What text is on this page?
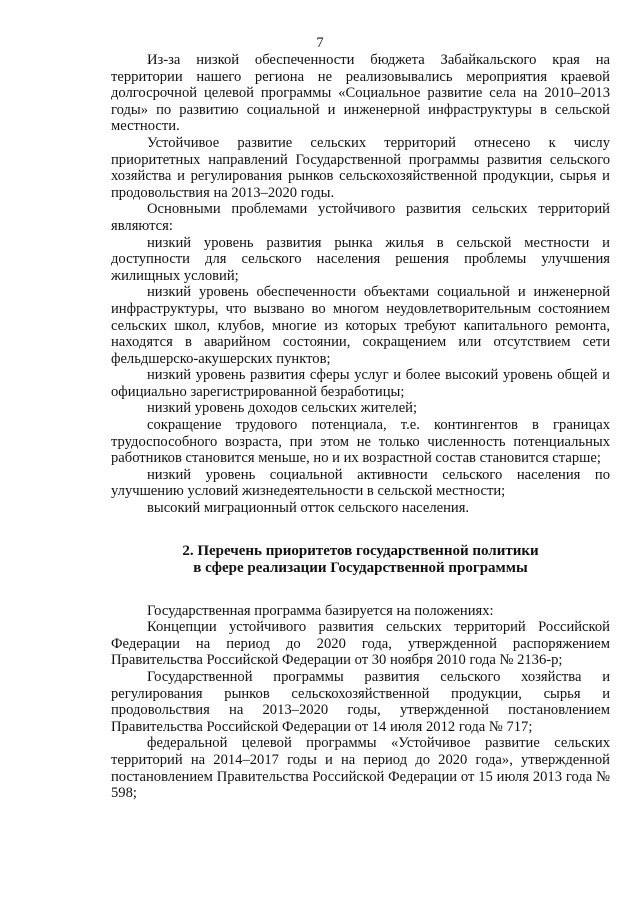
7

Из-за низкой обеспеченности бюджета Забайкальского края на территории нашего региона не реализовывались мероприятия краевой долгосрочной целевой программы «Социальное развитие села на 2010–2013 годы» по развитию социальной и инженерной инфраструктуры в сельской местности.

Устойчивое развитие сельских территорий отнесено к числу приоритетных направлений Государственной программы развития сельского хозяйства и регулирования рынков сельскохозяйственной продукции, сырья и продовольствия на 2013–2020 годы.

Основными проблемами устойчивого развития сельских территорий являются:

низкий уровень развития рынка жилья в сельской местности и доступности для сельского населения решения проблемы улучшения жилищных условий;

низкий уровень обеспеченности объектами социальной и инженерной инфраструктуры, что вызвано во многом неудовлетворительным состоянием сельских школ, клубов, многие из которых требуют капитального ремонта, находятся в аварийном состоянии, сокращением или отсутствием сети фельдшерско-акушерских пунктов;

низкий уровень развития сферы услуг и более высокий уровень общей и официально зарегистрированной безработицы;

низкий уровень доходов сельских жителей;

сокращение трудового потенциала, т.е. контингентов в границах трудоспособного возраста, при этом не только численность потенциальных работников становится меньше, но и их возрастной состав становится старше;

низкий уровень социальной активности сельского населения по улучшению условий жизнедеятельности в сельской местности;

высокий миграционный отток сельского населения.

2. Перечень приоритетов государственной политики
в сфере реализации Государственной программы

Государственная программа базируется на положениях:

Концепции устойчивого развития сельских территорий Российской Федерации на период до 2020 года, утвержденной распоряжением Правительства Российской Федерации от 30 ноября 2010 года № 2136-р;

Государственной программы развития сельского хозяйства и регулирования рынков сельскохозяйственной продукции, сырья и продовольствия на 2013–2020 годы, утвержденной постановлением Правительства Российской Федерации от 14 июля 2012 года № 717;

федеральной целевой программы «Устойчивое развитие сельских территорий на 2014–2017 годы и на период до 2020 года», утвержденной постановлением Правительства Российской Федерации от 15 июля 2013 года № 598;
